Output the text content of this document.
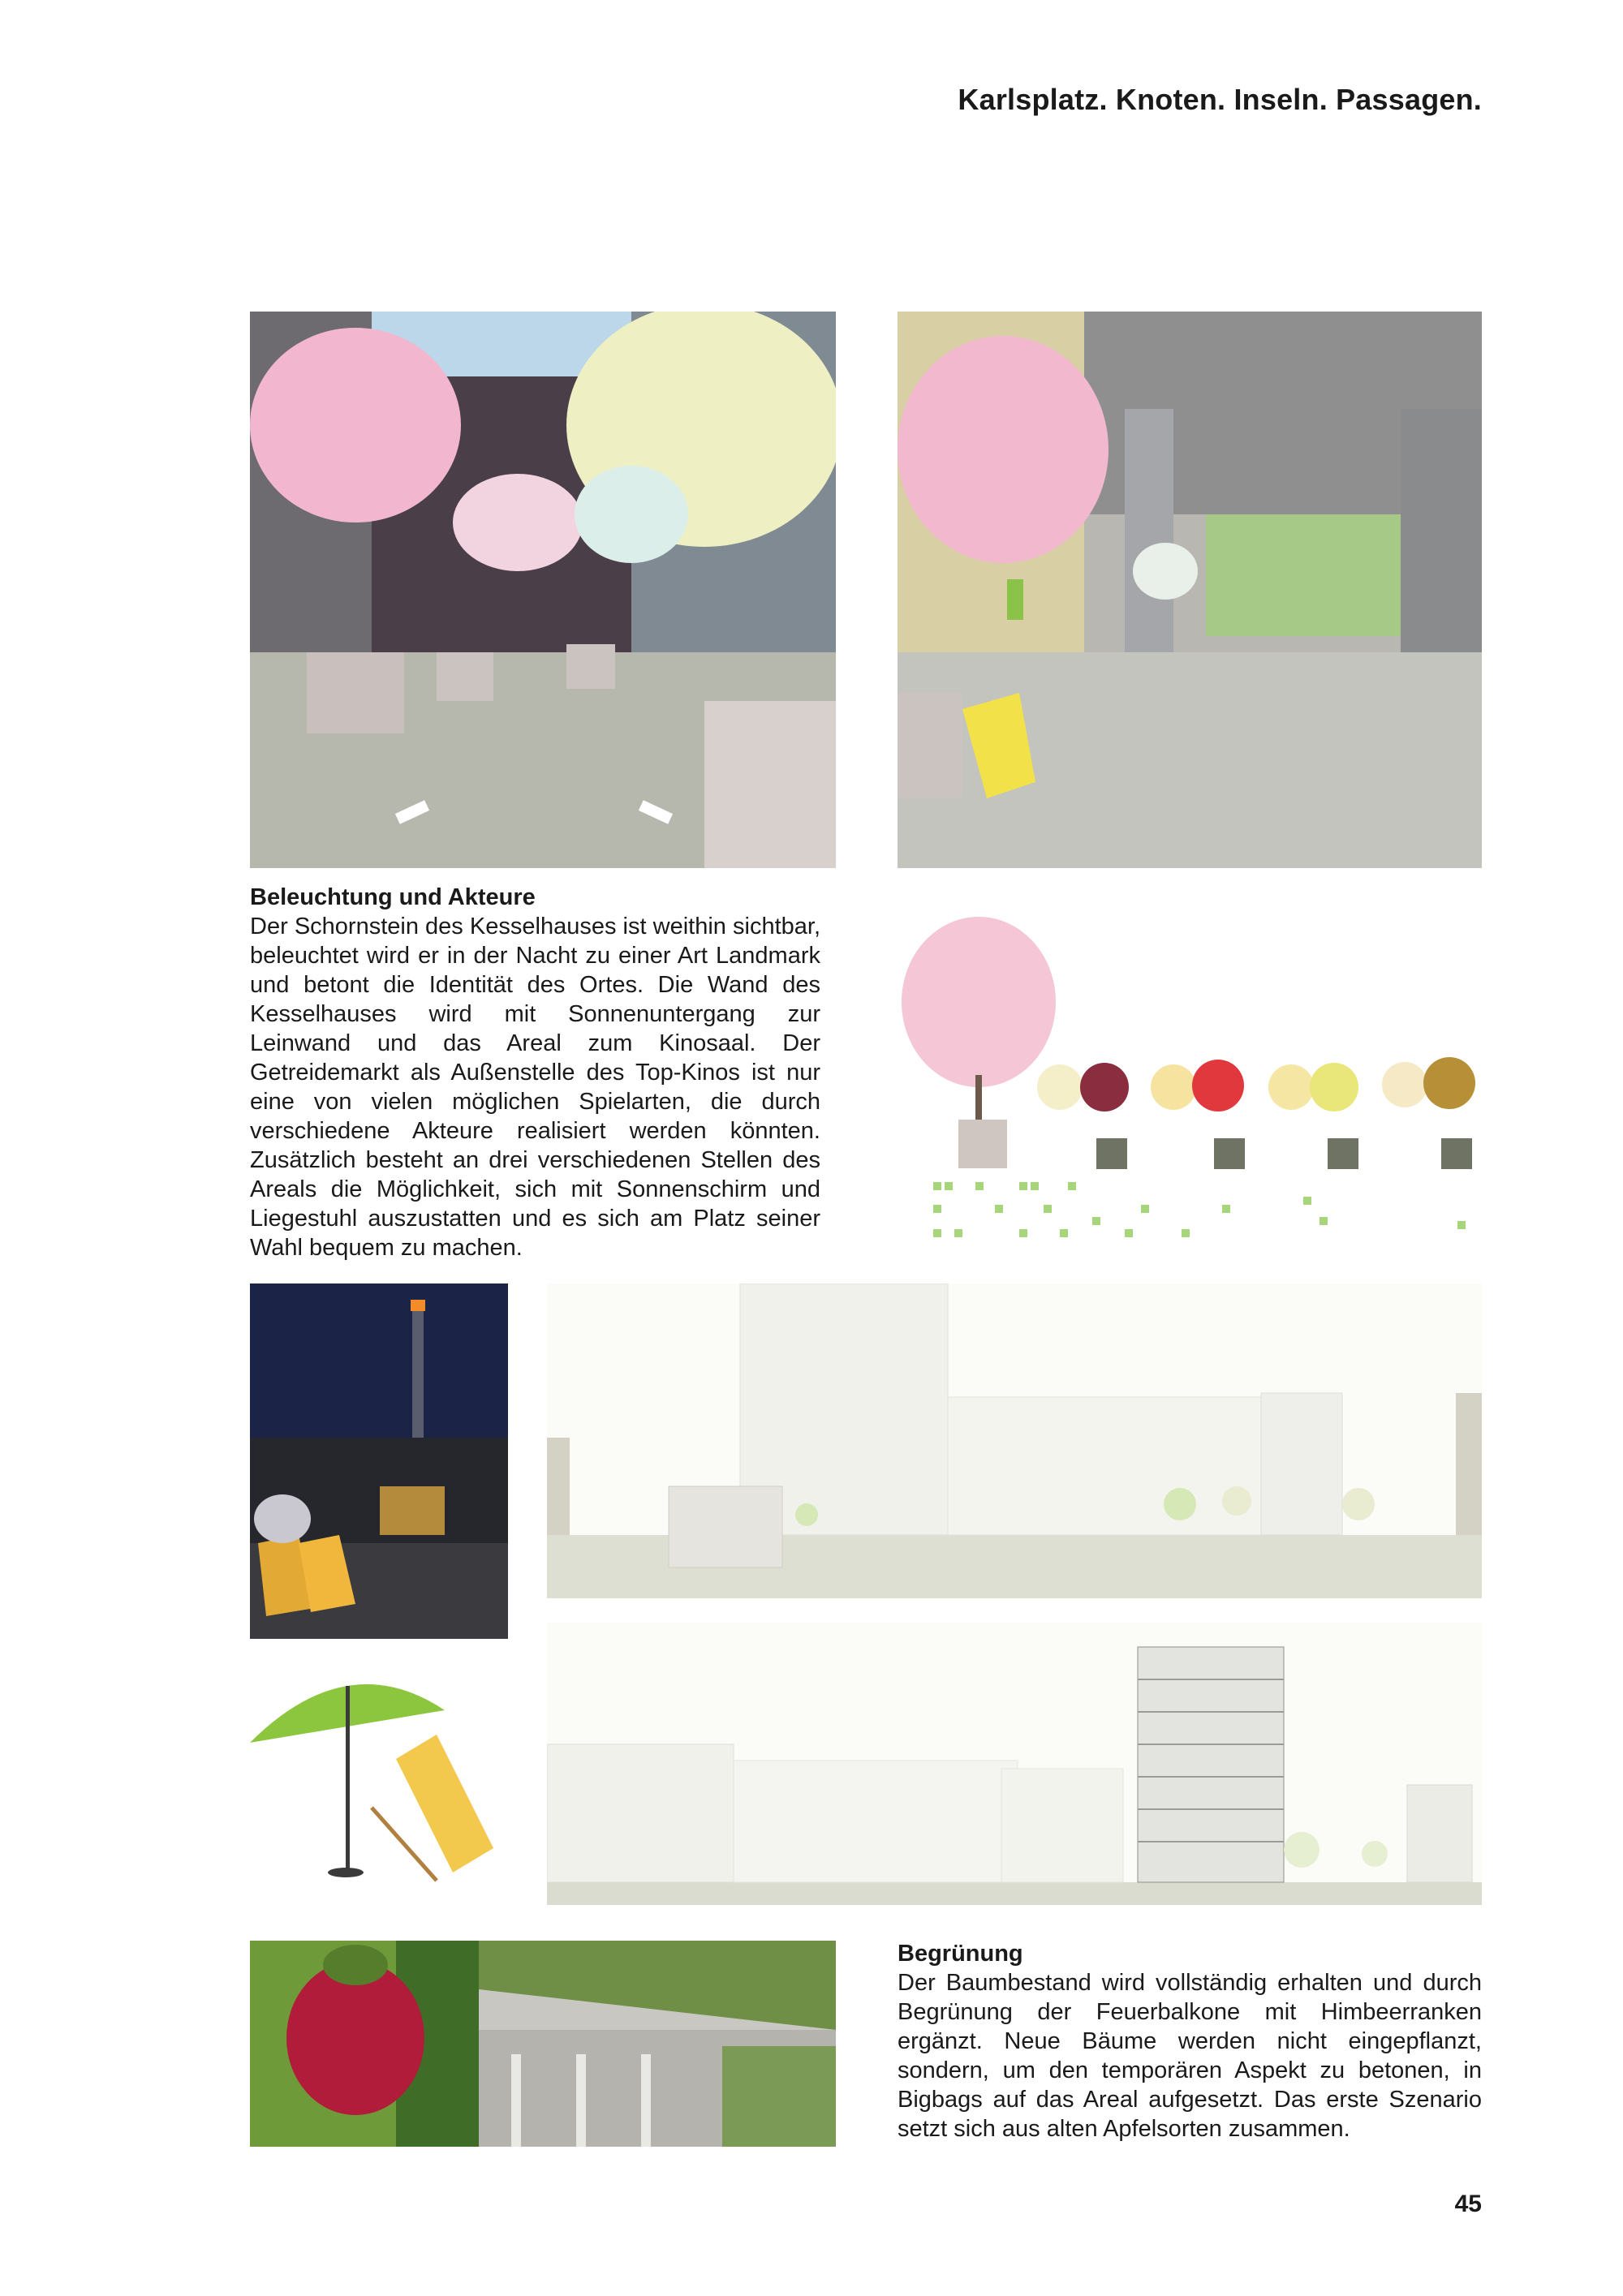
Karlsplatz. Knoten. Inseln. Passagen.
Beleuchtung und Akteure

Der Schornstein des Kesselhauses ist weithin sichtbar, beleuchtet wird er in der Nacht zu einer Art Landmark und betont die Identität des Ortes. Die Wand des Kesselhauses wird mit Sonnenuntergang zur Leinwand und das Areal zum Kinosaal. Der Getreidemarkt als Außenstelle des Top-Kinos ist nur eine von vielen möglichen Spielarten, die durch verschiedene Akteure realisiert werden könnten. Zusätzlich besteht an drei verschiedenen Stellen des Areals die Möglichkeit, sich mit Sonnenschirm und Liegestuhl auszustatten und es sich am Platz seiner Wahl bequem zu machen.

Begrünung

Der Baumbestand wird vollständig erhalten und durch Begrünung der Feuerbalkone mit Himbeerranken ergänzt. Neue Bäume werden nicht eingepflanzt, sondern, um den temporären Aspekt zu betonen, in Bigbags auf das Areal aufgesetzt. Das erste Szenario setzt sich aus alten Apfelsorten zusammen.

45
